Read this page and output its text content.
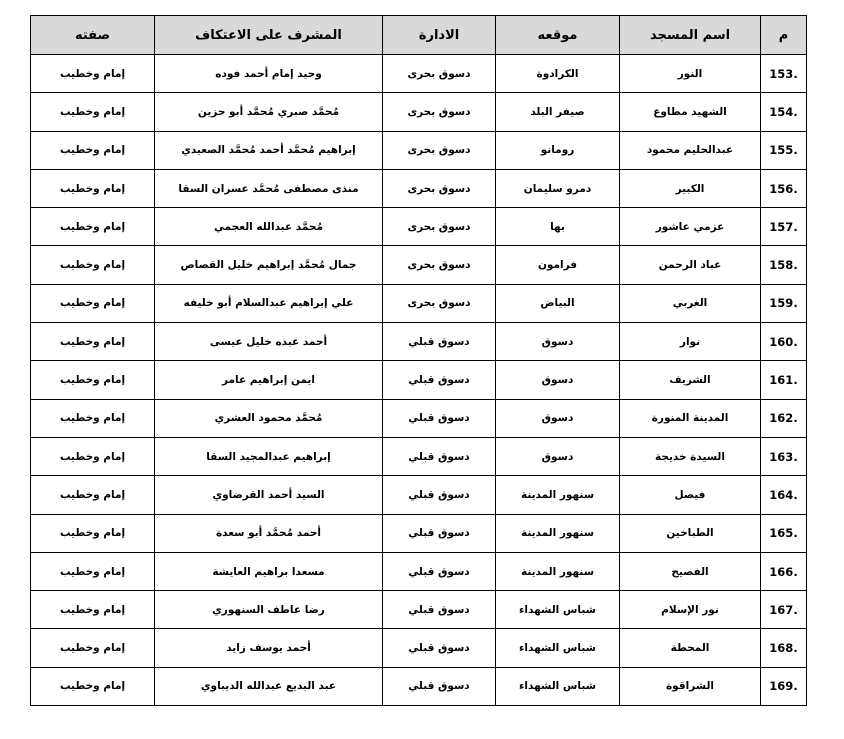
م	اسم المسجد	موقعه	الادارة	المشرف على الاعتكاف	صفته
.153	النور	الكرادوة	دسوق بحرى	وحيد إمام أحمد فوده	إمام وخطيب
.154	الشهيد مطاوع	صيفر البلد	دسوق بحرى	مُحمَّد صبري مُحمَّد أبو حزين	إمام وخطيب
.155	عبدالحليم محمود	رومانو	دسوق بحرى	إبراهيم مُحمَّد أحمد مُحمَّد الصعيدي	إمام وخطيب
.156	الكبير	دمرو سليمان	دسوق بحرى	منذى مصطفى مُحمَّد عسران السقا	إمام وخطيب
.157	عزمي عاشور	بها	دسوق بحرى	مُحمَّد عبدالله العجمي	إمام وخطيب
.158	عباد الرحمن	فرامون	دسوق بحرى	جمال مُحمَّد إبراهيم خليل القصاص	إمام وخطيب
.159	الغربي	البياض	دسوق بحرى	علي إبراهيم عبدالسلام أبو خليفه	إمام وخطيب
.160	نوار	دسوق	دسوق قبلي	أحمد عبده خليل عيسى	إمام وخطيب
.161	الشريف	دسوق	دسوق قبلي	ايمن إبراهيم عامر	إمام وخطيب
.162	المدينة المنورة	دسوق	دسوق قبلي	مُحمَّد محمود العشري	إمام وخطيب
.163	السيدة خديجة	دسوق	دسوق قبلي	إبراهيم عبدالمجيد السقا	إمام وخطيب
.164	فيصل	سنهور المدينة	دسوق قبلي	السيد أحمد القرضاوي	إمام وخطيب
.165	الطباخين	سنهور المدينة	دسوق قبلي	أحمد مُحمَّد أبو سعدة	إمام وخطيب
.166	الفصيح	سنهور المدينة	دسوق قبلي	مسعدا براهيم العايشة	إمام وخطيب
.167	نور الإسلام	شباس الشهداء	دسوق قبلي	رضا عاطف السنهوري	إمام وخطيب
.168	المحطة	شباس الشهداء	دسوق قبلي	أحمد يوسف زايد	إمام وخطيب
.169	الشراقوة	شباس الشهداء	دسوق قبلي	عبد البديع عبدالله الديباوي	إمام وخطيب
